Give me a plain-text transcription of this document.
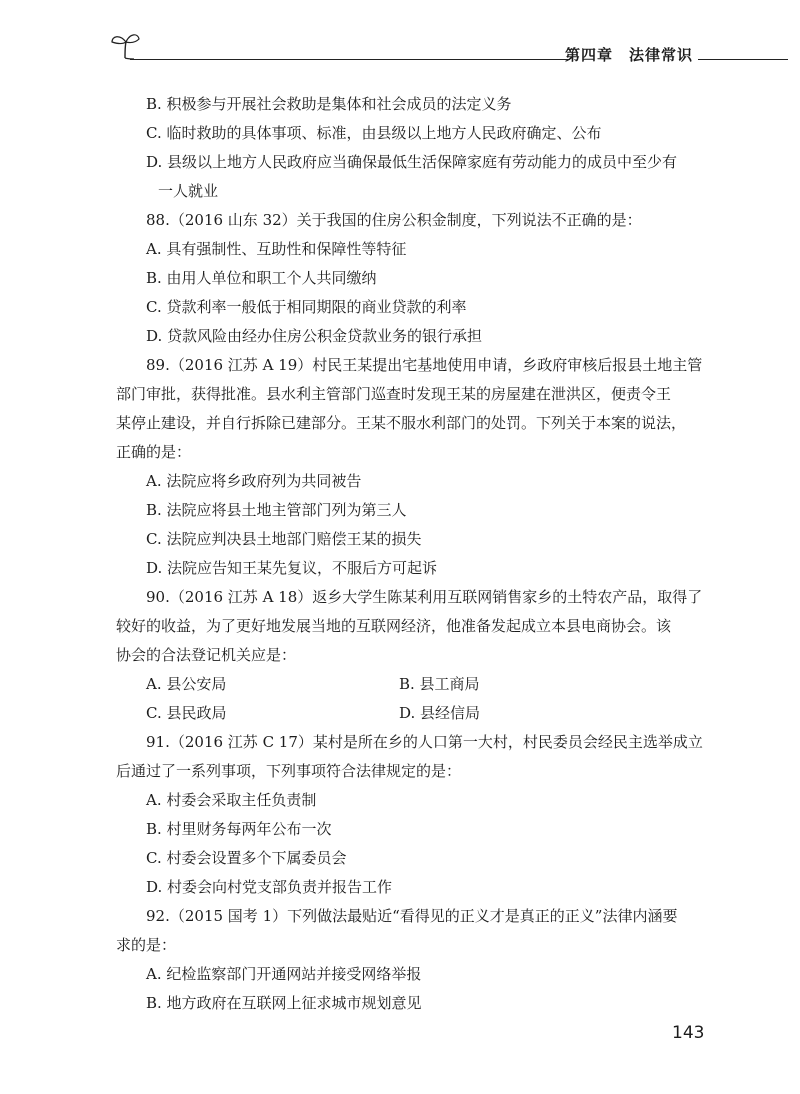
第四章　法律常识
B. 积极参与开展社会救助是集体和社会成员的法定义务
C. 临时救助的具体事项、标准，由县级以上地方人民政府确定、公布
D. 县级以上地方人民政府应当确保最低生活保障家庭有劳动能力的成员中至少有
一人就业
88.（2016 山东 32）关于我国的住房公积金制度，下列说法不正确的是：
A. 具有强制性、互助性和保障性等特征
B. 由用人单位和职工个人共同缴纳
C. 贷款利率一般低于相同期限的商业贷款的利率
D. 贷款风险由经办住房公积金贷款业务的银行承担
89.（2016 江苏 A 19）村民王某提出宅基地使用申请，乡政府审核后报县土地主管
部门审批，获得批准。县水利主管部门巡查时发现王某的房屋建在泄洪区，便责令王
某停止建设，并自行拆除已建部分。王某不服水利部门的处罚。下列关于本案的说法，
正确的是：
A. 法院应将乡政府列为共同被告
B. 法院应将县土地主管部门列为第三人
C. 法院应判决县土地部门赔偿王某的损失
D. 法院应告知王某先复议，不服后方可起诉
90.（2016 江苏 A 18）返乡大学生陈某利用互联网销售家乡的土特农产品，取得了
较好的收益，为了更好地发展当地的互联网经济，他准备发起成立本县电商协会。该
协会的合法登记机关应是：
A. 县公安局	B. 县工商局
C. 县民政局	D. 县经信局
91.（2016 江苏 C 17）某村是所在乡的人口第一大村，村民委员会经民主选举成立
后通过了一系列事项，下列事项符合法律规定的是：
A. 村委会采取主任负责制
B. 村里财务每两年公布一次
C. 村委会设置多个下属委员会
D. 村委会向村党支部负责并报告工作
92.（2015 国考 1）下列做法最贴近“看得见的正义才是真正的正义”法律内涵要
求的是：
A. 纪检监察部门开通网站并接受网络举报
B. 地方政府在互联网上征求城市规划意见
143
